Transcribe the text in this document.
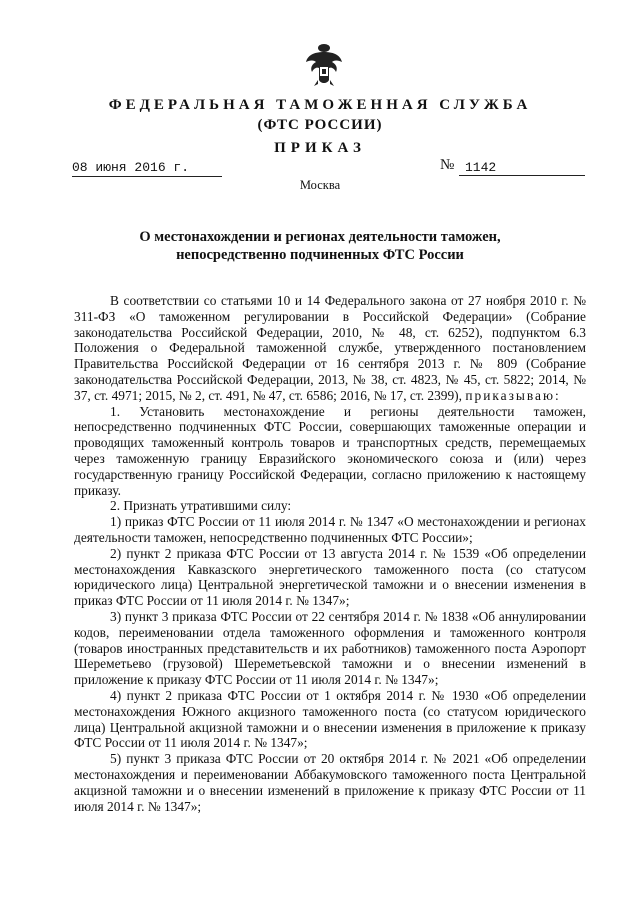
ФЕДЕРАЛЬНАЯ ТАМОЖЕННАЯ СЛУЖБА
(ФТС РОССИИ)
ПРИКАЗ
08 июня 2016 г.	№ 1142
Москва
О местонахождении и регионах деятельности таможен,
непосредственно подчиненных ФТС России

В соответствии со статьями 10 и 14 Федерального закона от 27 ноября 2010 г. № 311-ФЗ «О таможенном регулировании в Российской Федерации» (Собрание законодательства Российской Федерации, 2010, № 48, ст. 6252), подпунктом 6.3 Положения о Федеральной таможенной службе, утвержденного постановлением Правительства Российской Федерации от 16 сентября 2013 г. № 809 (Собрание законодательства Российской Федерации, 2013, № 38, ст. 4823, № 45, ст. 5822; 2014, № 37, ст. 4971; 2015, № 2, ст. 491, № 47, ст. 6586; 2016, № 17, ст. 2399), приказываю:

1. Установить местонахождение и регионы деятельности таможен, непосредственно подчиненных ФТС России, совершающих таможенные операции и проводящих таможенный контроль товаров и транспортных средств, перемещаемых через таможенную границу Евразийского экономического союза и (или) через государственную границу Российской Федерации, согласно приложению к настоящему приказу.

2. Признать утратившими силу:

1) приказ ФТС России от 11 июля 2014 г. № 1347 «О местонахождении и регионах деятельности таможен, непосредственно подчиненных ФТС России»;

2) пункт 2 приказа ФТС России от 13 августа 2014 г. № 1539 «Об определении местонахождения Кавказского энергетического таможенного поста (со статусом юридического лица) Центральной энергетической таможни и о внесении изменения в приказ ФТС России от 11 июля 2014 г. № 1347»;

3) пункт 3 приказа ФТС России от 22 сентября 2014 г. № 1838 «Об аннулировании кодов, переименовании отдела таможенного оформления и таможенного контроля (товаров иностранных представительств и их работников) таможенного поста Аэропорт Шереметьево (грузовой) Шереметьевской таможни и о внесении изменений в приложение к приказу ФТС России от 11 июля 2014 г. № 1347»;

4) пункт 2 приказа ФТС России от 1 октября 2014 г. № 1930 «Об определении местонахождения Южного акцизного таможенного поста (со статусом юридического лица) Центральной акцизной таможни и о внесении изменения в приложение к приказу ФТС России от 11 июля 2014 г. № 1347»;

5) пункт 3 приказа ФТС России от 20 октября 2014 г. № 2021 «Об определении местонахождения и переименовании Аббакумовского таможенного поста Центральной акцизной таможни и о внесении изменений в приложение к приказу ФТС России от 11 июля 2014 г. № 1347»;
